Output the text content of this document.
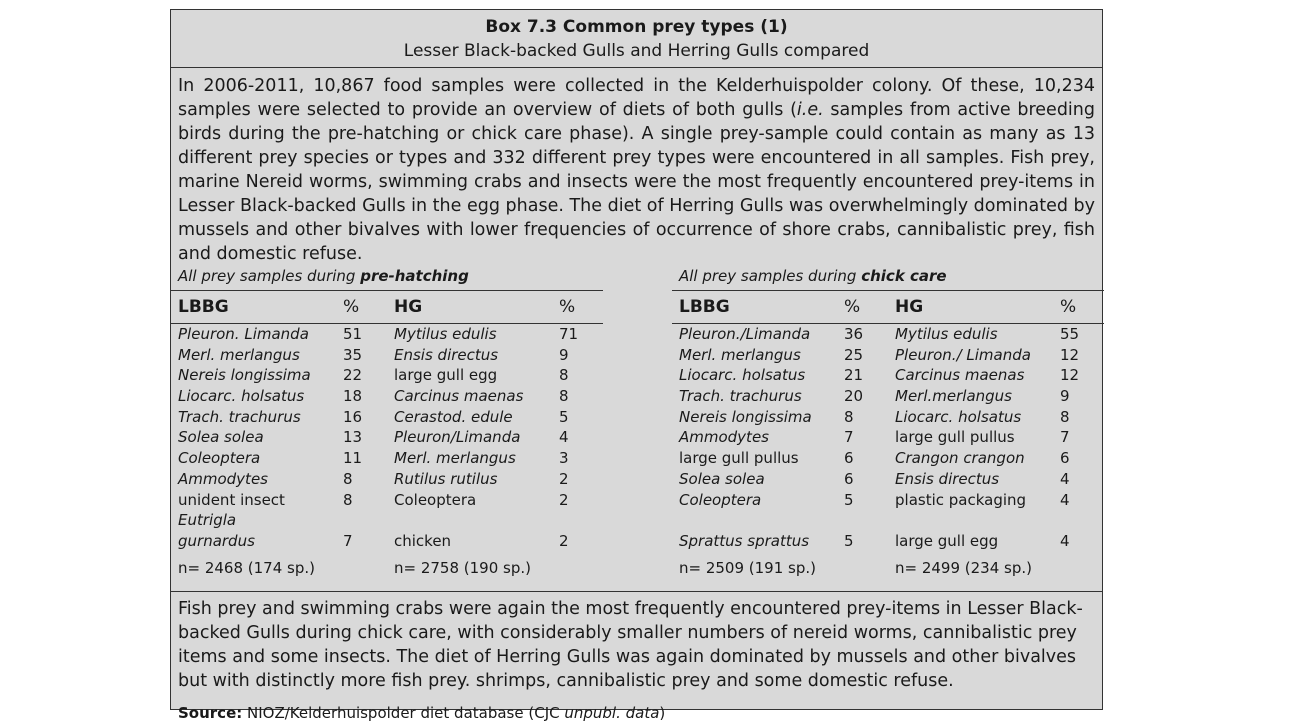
Box 7.3 Common prey types (1)
Lesser Black-backed Gulls and Herring Gulls compared
In 2006-2011, 10,867 food samples were collected in the Kelderhuispolder colony. Of these, 10,234 samples were selected to provide an overview of diets of both gulls (i.e. samples from active breeding birds during the pre-hatching or chick care phase). A single prey-sample could contain as many as 13 different prey species or types and 332 different prey types were encountered in all samples. Fish prey, marine Nereid worms, swimming crabs and insects were the most frequently encountered prey-items in Lesser Black-backed Gulls in the egg phase. The diet of Herring Gulls was overwhelmingly dominated by mussels and other bivalves with lower frequencies of occurrence of shore crabs, cannibalistic prey, fish and domestic refuse.
All prey samples during pre-hatching	All prey samples during chick care
LBBG	%	HG	%
Pleuron. Limanda	51	Mytilus edulis	71
Merl. merlangus	35	Ensis directus	9
Nereis longissima	22	large gull egg	8
Liocarc. holsatus	18	Carcinus maenas	8
Trach. trachurus	16	Cerastod. edule	5
Solea solea	13	Pleuron/Limanda	4
Coleoptera	11	Merl. merlangus	3
Ammodytes	8	Rutilus rutilus	2
unident insect	8	Coleoptera	2
Eutrigla			
gurnardus	7	chicken	2
n= 2468 (174 sp.)		n= 2758 (190 sp.)	
LBBG	%	HG	%
Pleuron./Limanda	36	Mytilus edulis	55
Merl. merlangus	25	Pleuron./ Limanda	12
Liocarc. holsatus	21	Carcinus maenas	12
Trach. trachurus	20	Merl.merlangus	9
Nereis longissima	8	Liocarc. holsatus	8
Ammodytes	7	large gull pullus	7
large gull pullus	6	Crangon crangon	6
Solea solea	6	Ensis directus	4
Coleoptera	5	plastic packaging	4

Sprattus sprattus	5	large gull egg	4
n= 2509 (191 sp.)		n= 2499 (234 sp.)	
Fish prey and swimming crabs were again the most frequently encountered prey-items in Lesser Black-backed Gulls during chick care, with considerably smaller numbers of nereid worms, cannibalistic prey items and some insects. The diet of Herring Gulls was again dominated by mussels and other bivalves but with distinctly more fish prey. shrimps, cannibalistic prey and some domestic refuse.
Source: NIOZ/Kelderhuispolder diet database (CJC unpubl. data)
